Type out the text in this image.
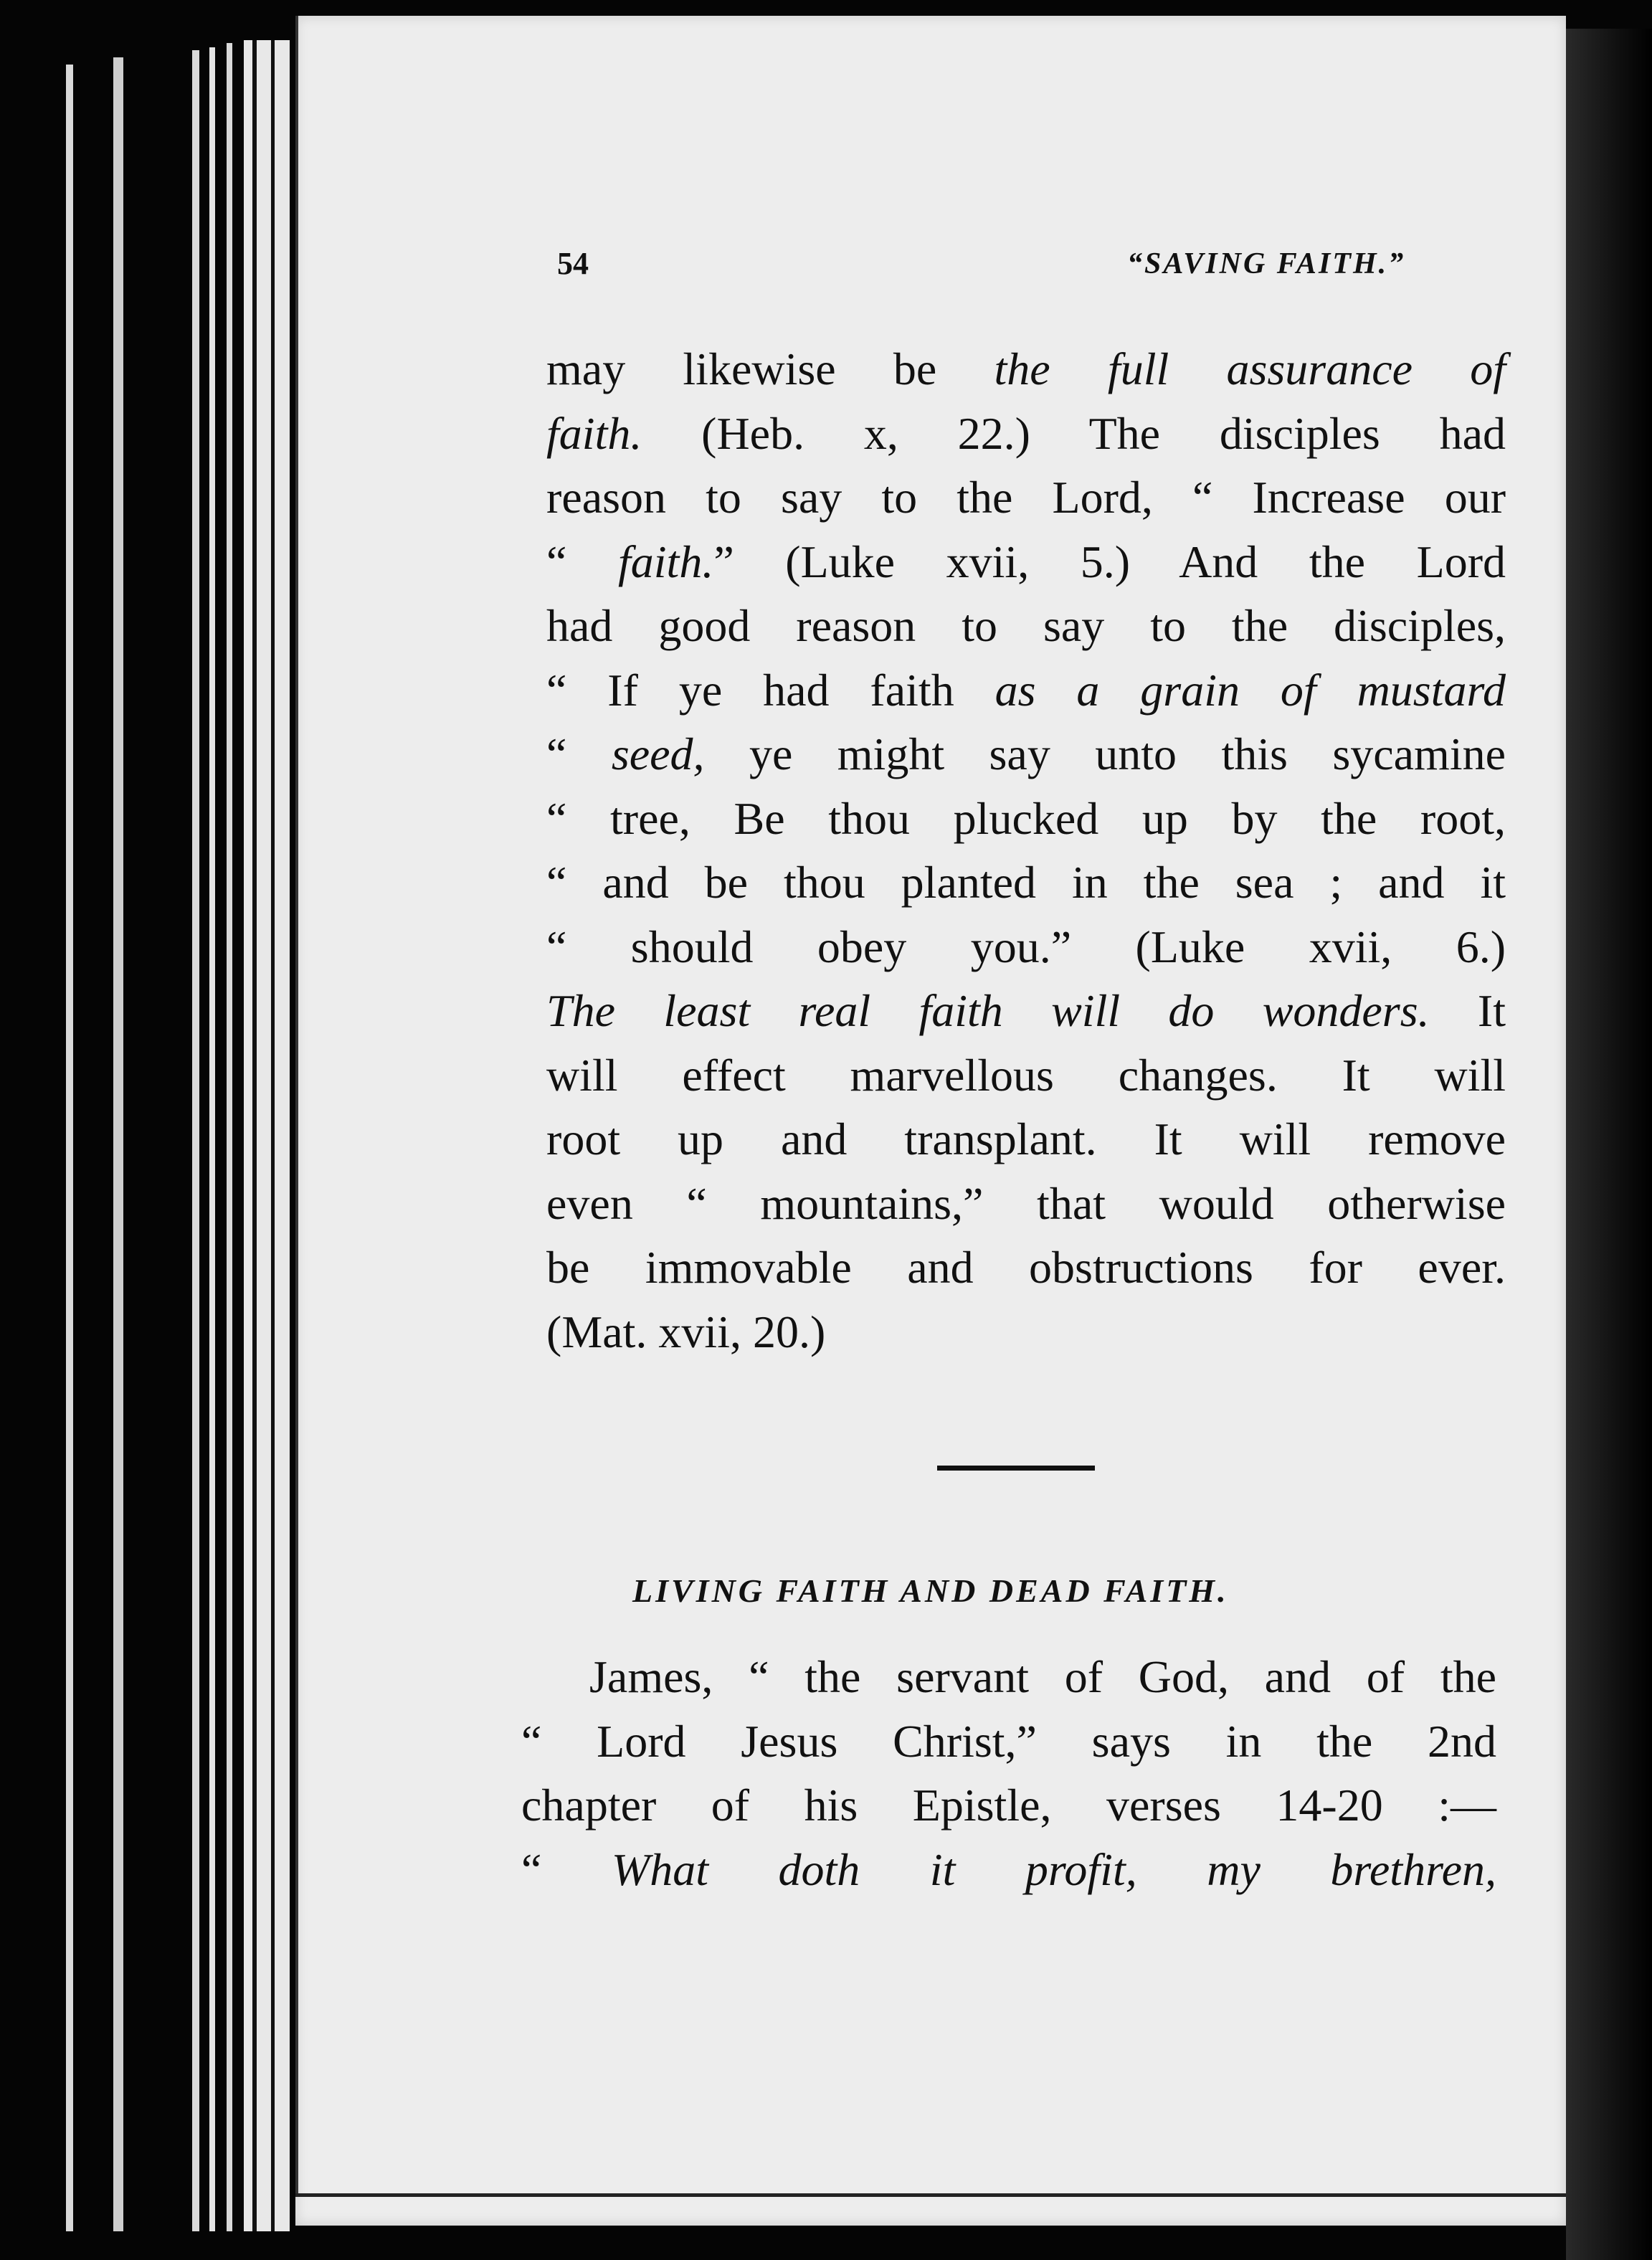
54	“SAVING FAITH.”
may likewise be the full assurance of
faith. (Heb. x, 22.) The disciples had
reason to say to the Lord, “ Increase our
“ faith.” (Luke xvii, 5.) And the Lord
had good reason to say to the disciples,
“ If ye had faith as a grain of mustard
“ seed, ye might say unto this sycamine
“ tree, Be thou plucked up by the root,
“ and be thou planted in the sea ; and it
“ should obey you.” (Luke xvii, 6.)
The least real faith will do wonders. It
will effect marvellous changes. It will
root up and transplant. It will remove
even “ mountains,” that would otherwise
be immovable and obstructions for ever.
(Mat. xvii, 20.)
LIVING FAITH AND DEAD FAITH.
James, “ the servant of God, and of the
“ Lord Jesus Christ,” says in the 2nd
chapter of his Epistle, verses 14-20 :—
“ What doth it profit, my brethren,
